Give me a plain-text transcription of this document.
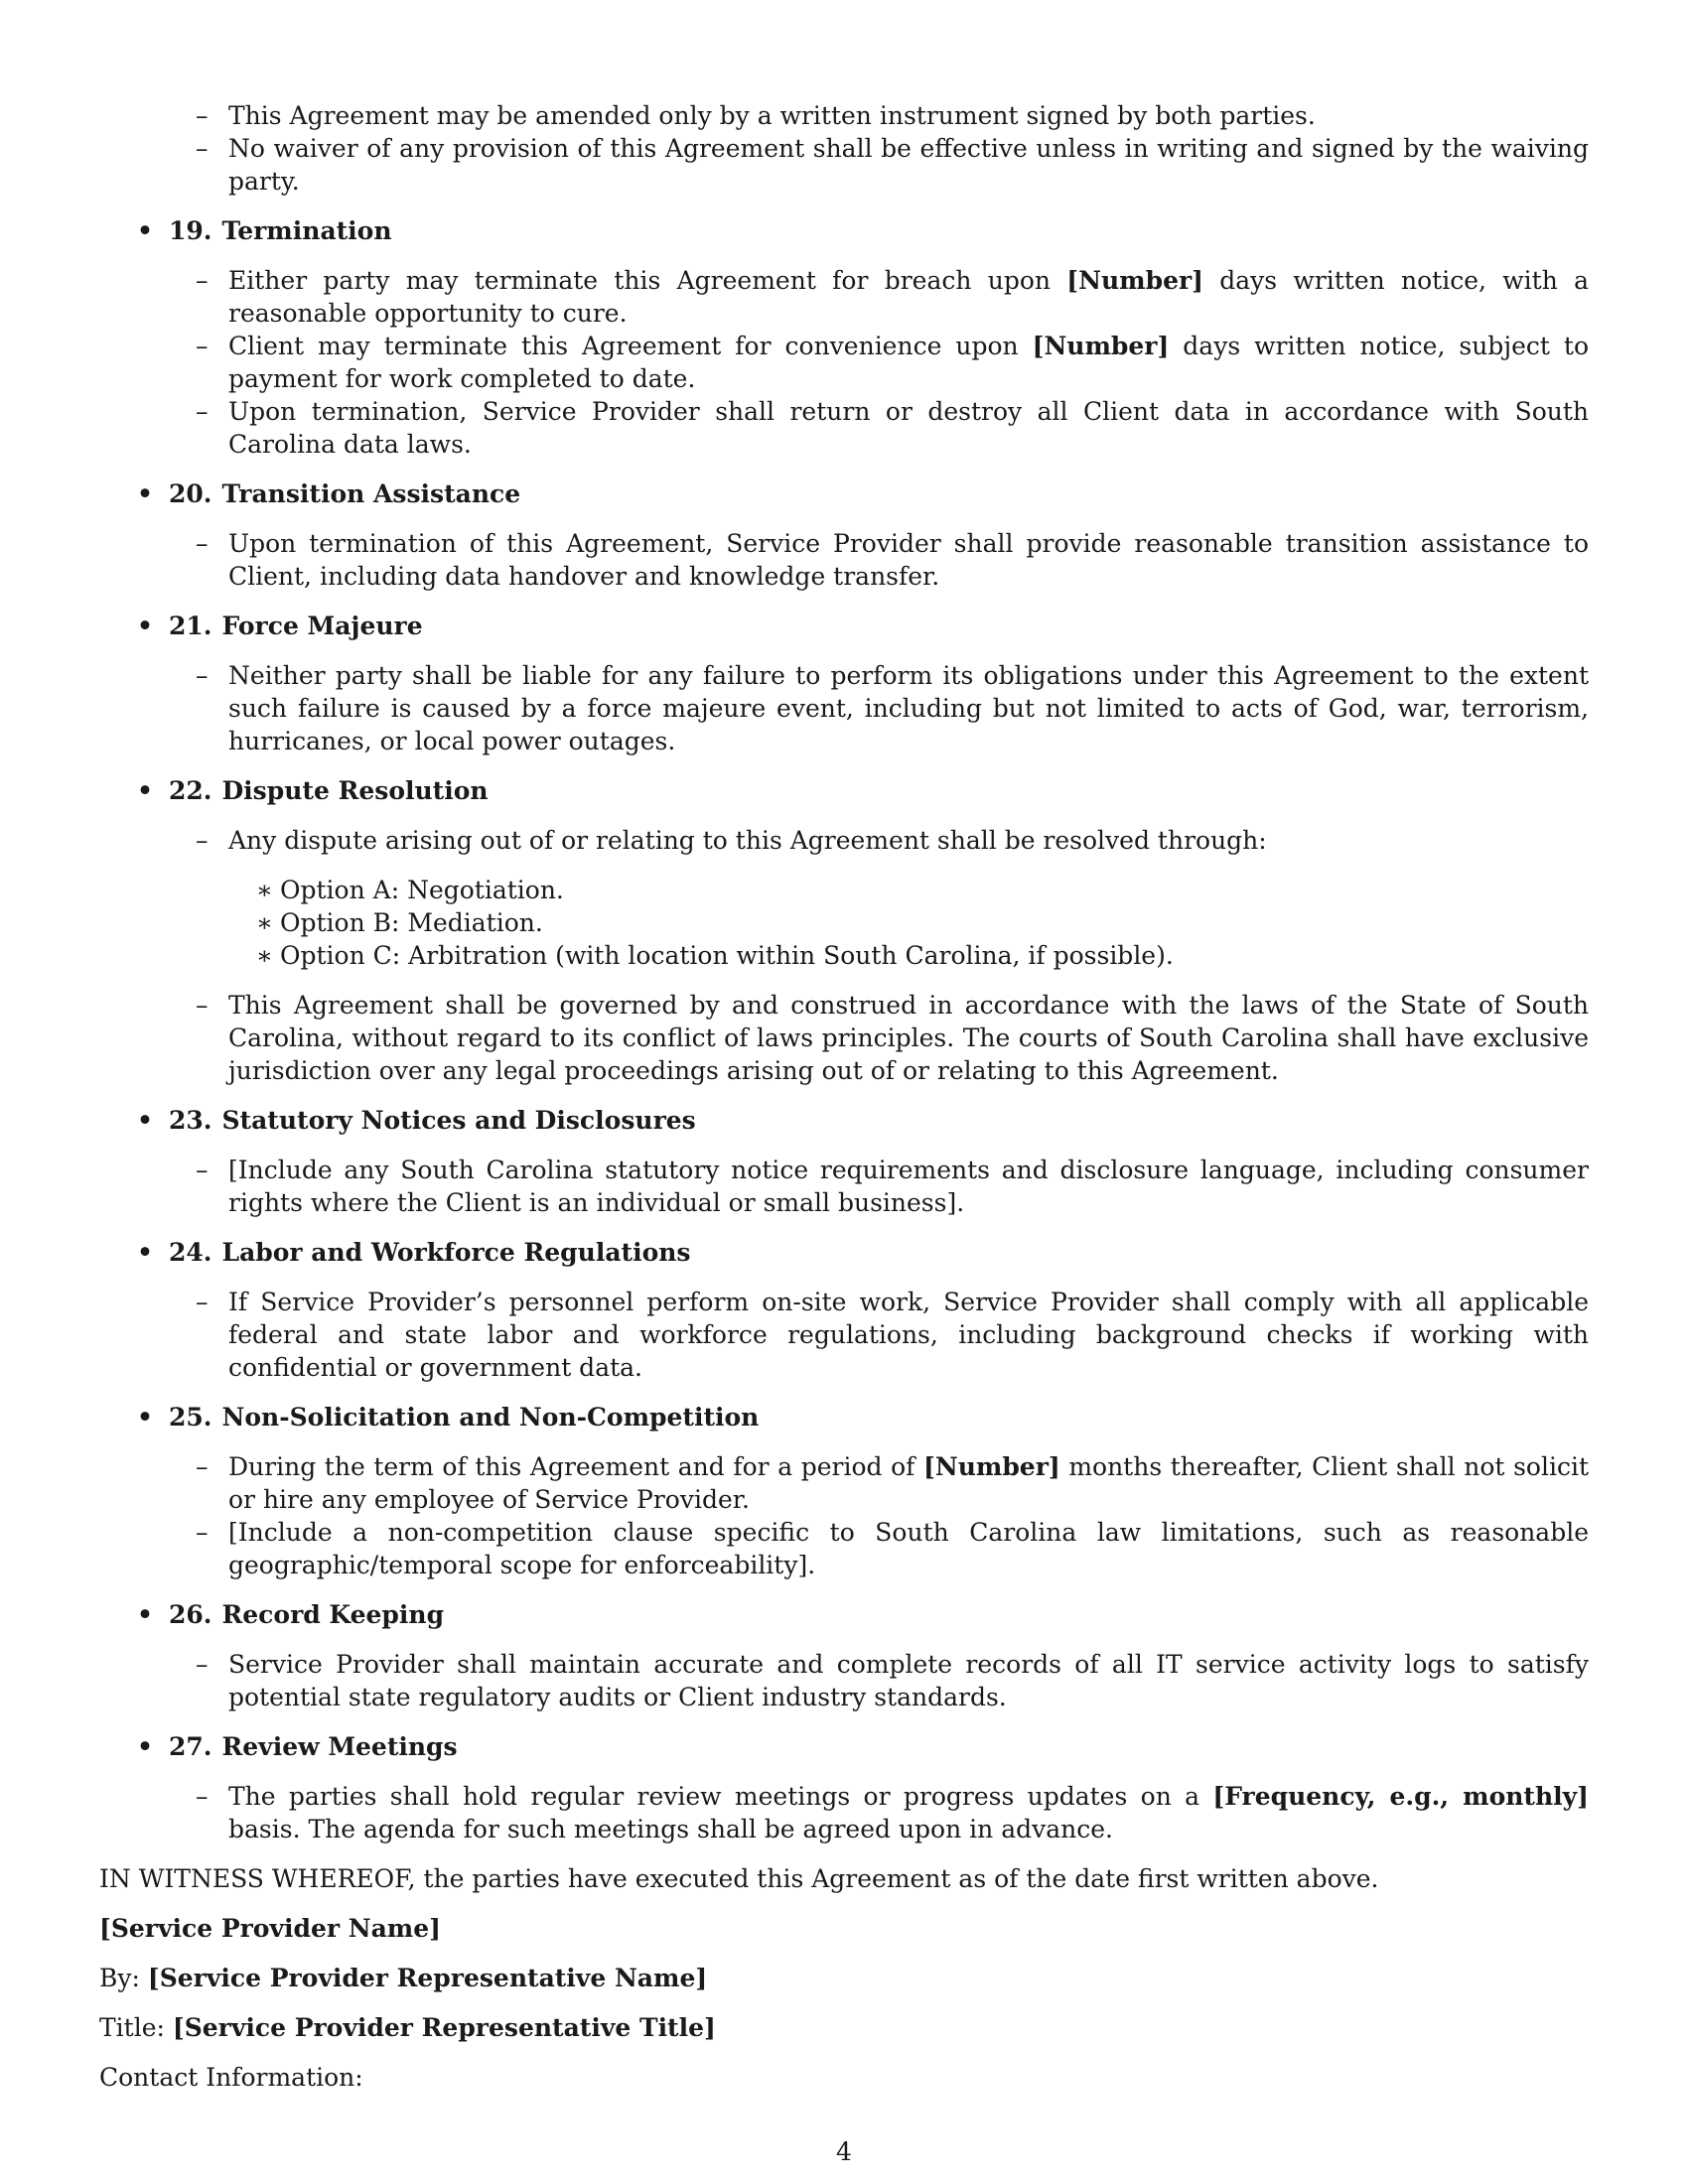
– This Agreement may be amended only by a written instrument signed by both parties.
– No waiver of any provision of this Agreement shall be effective unless in writing and signed by the waiving party.
• 19. Termination
– Either party may terminate this Agreement for breach upon [Number] days written notice, with a reasonable opportunity to cure.
– Client may terminate this Agreement for convenience upon [Number] days written notice, subject to payment for work completed to date.
– Upon termination, Service Provider shall return or destroy all Client data in accordance with South Carolina data laws.
• 20. Transition Assistance
– Upon termination of this Agreement, Service Provider shall provide reasonable transition assistance to Client, including data handover and knowledge transfer.
• 21. Force Majeure
– Neither party shall be liable for any failure to perform its obligations under this Agreement to the extent such failure is caused by a force majeure event, including but not limited to acts of God, war, terrorism, hurricanes, or local power outages.
• 22. Dispute Resolution
– Any dispute arising out of or relating to this Agreement shall be resolved through:
∗ Option A: Negotiation.
∗ Option B: Mediation.
∗ Option C: Arbitration (with location within South Carolina, if possible).
– This Agreement shall be governed by and construed in accordance with the laws of the State of South Carolina, without regard to its conflict of laws principles. The courts of South Carolina shall have exclusive jurisdiction over any legal proceedings arising out of or relating to this Agreement.
• 23. Statutory Notices and Disclosures
– [Include any South Carolina statutory notice requirements and disclosure language, including consumer rights where the Client is an individual or small business].
• 24. Labor and Workforce Regulations
– If Service Provider’s personnel perform on-site work, Service Provider shall comply with all applicable federal and state labor and workforce regulations, including background checks if working with confidential or government data.
• 25. Non-Solicitation and Non-Competition
– During the term of this Agreement and for a period of [Number] months thereafter, Client shall not solicit or hire any employee of Service Provider.
– [Include a non-competition clause specific to South Carolina law limitations, such as reasonable geographic/temporal scope for enforceability].
• 26. Record Keeping
– Service Provider shall maintain accurate and complete records of all IT service activity logs to satisfy potential state regulatory audits or Client industry standards.
• 27. Review Meetings
– The parties shall hold regular review meetings or progress updates on a [Frequency, e.g., monthly] basis. The agenda for such meetings shall be agreed upon in advance.

IN WITNESS WHEREOF, the parties have executed this Agreement as of the date first written above.

[Service Provider Name]

By: [Service Provider Representative Name]

Title: [Service Provider Representative Title]

Contact Information:

4
